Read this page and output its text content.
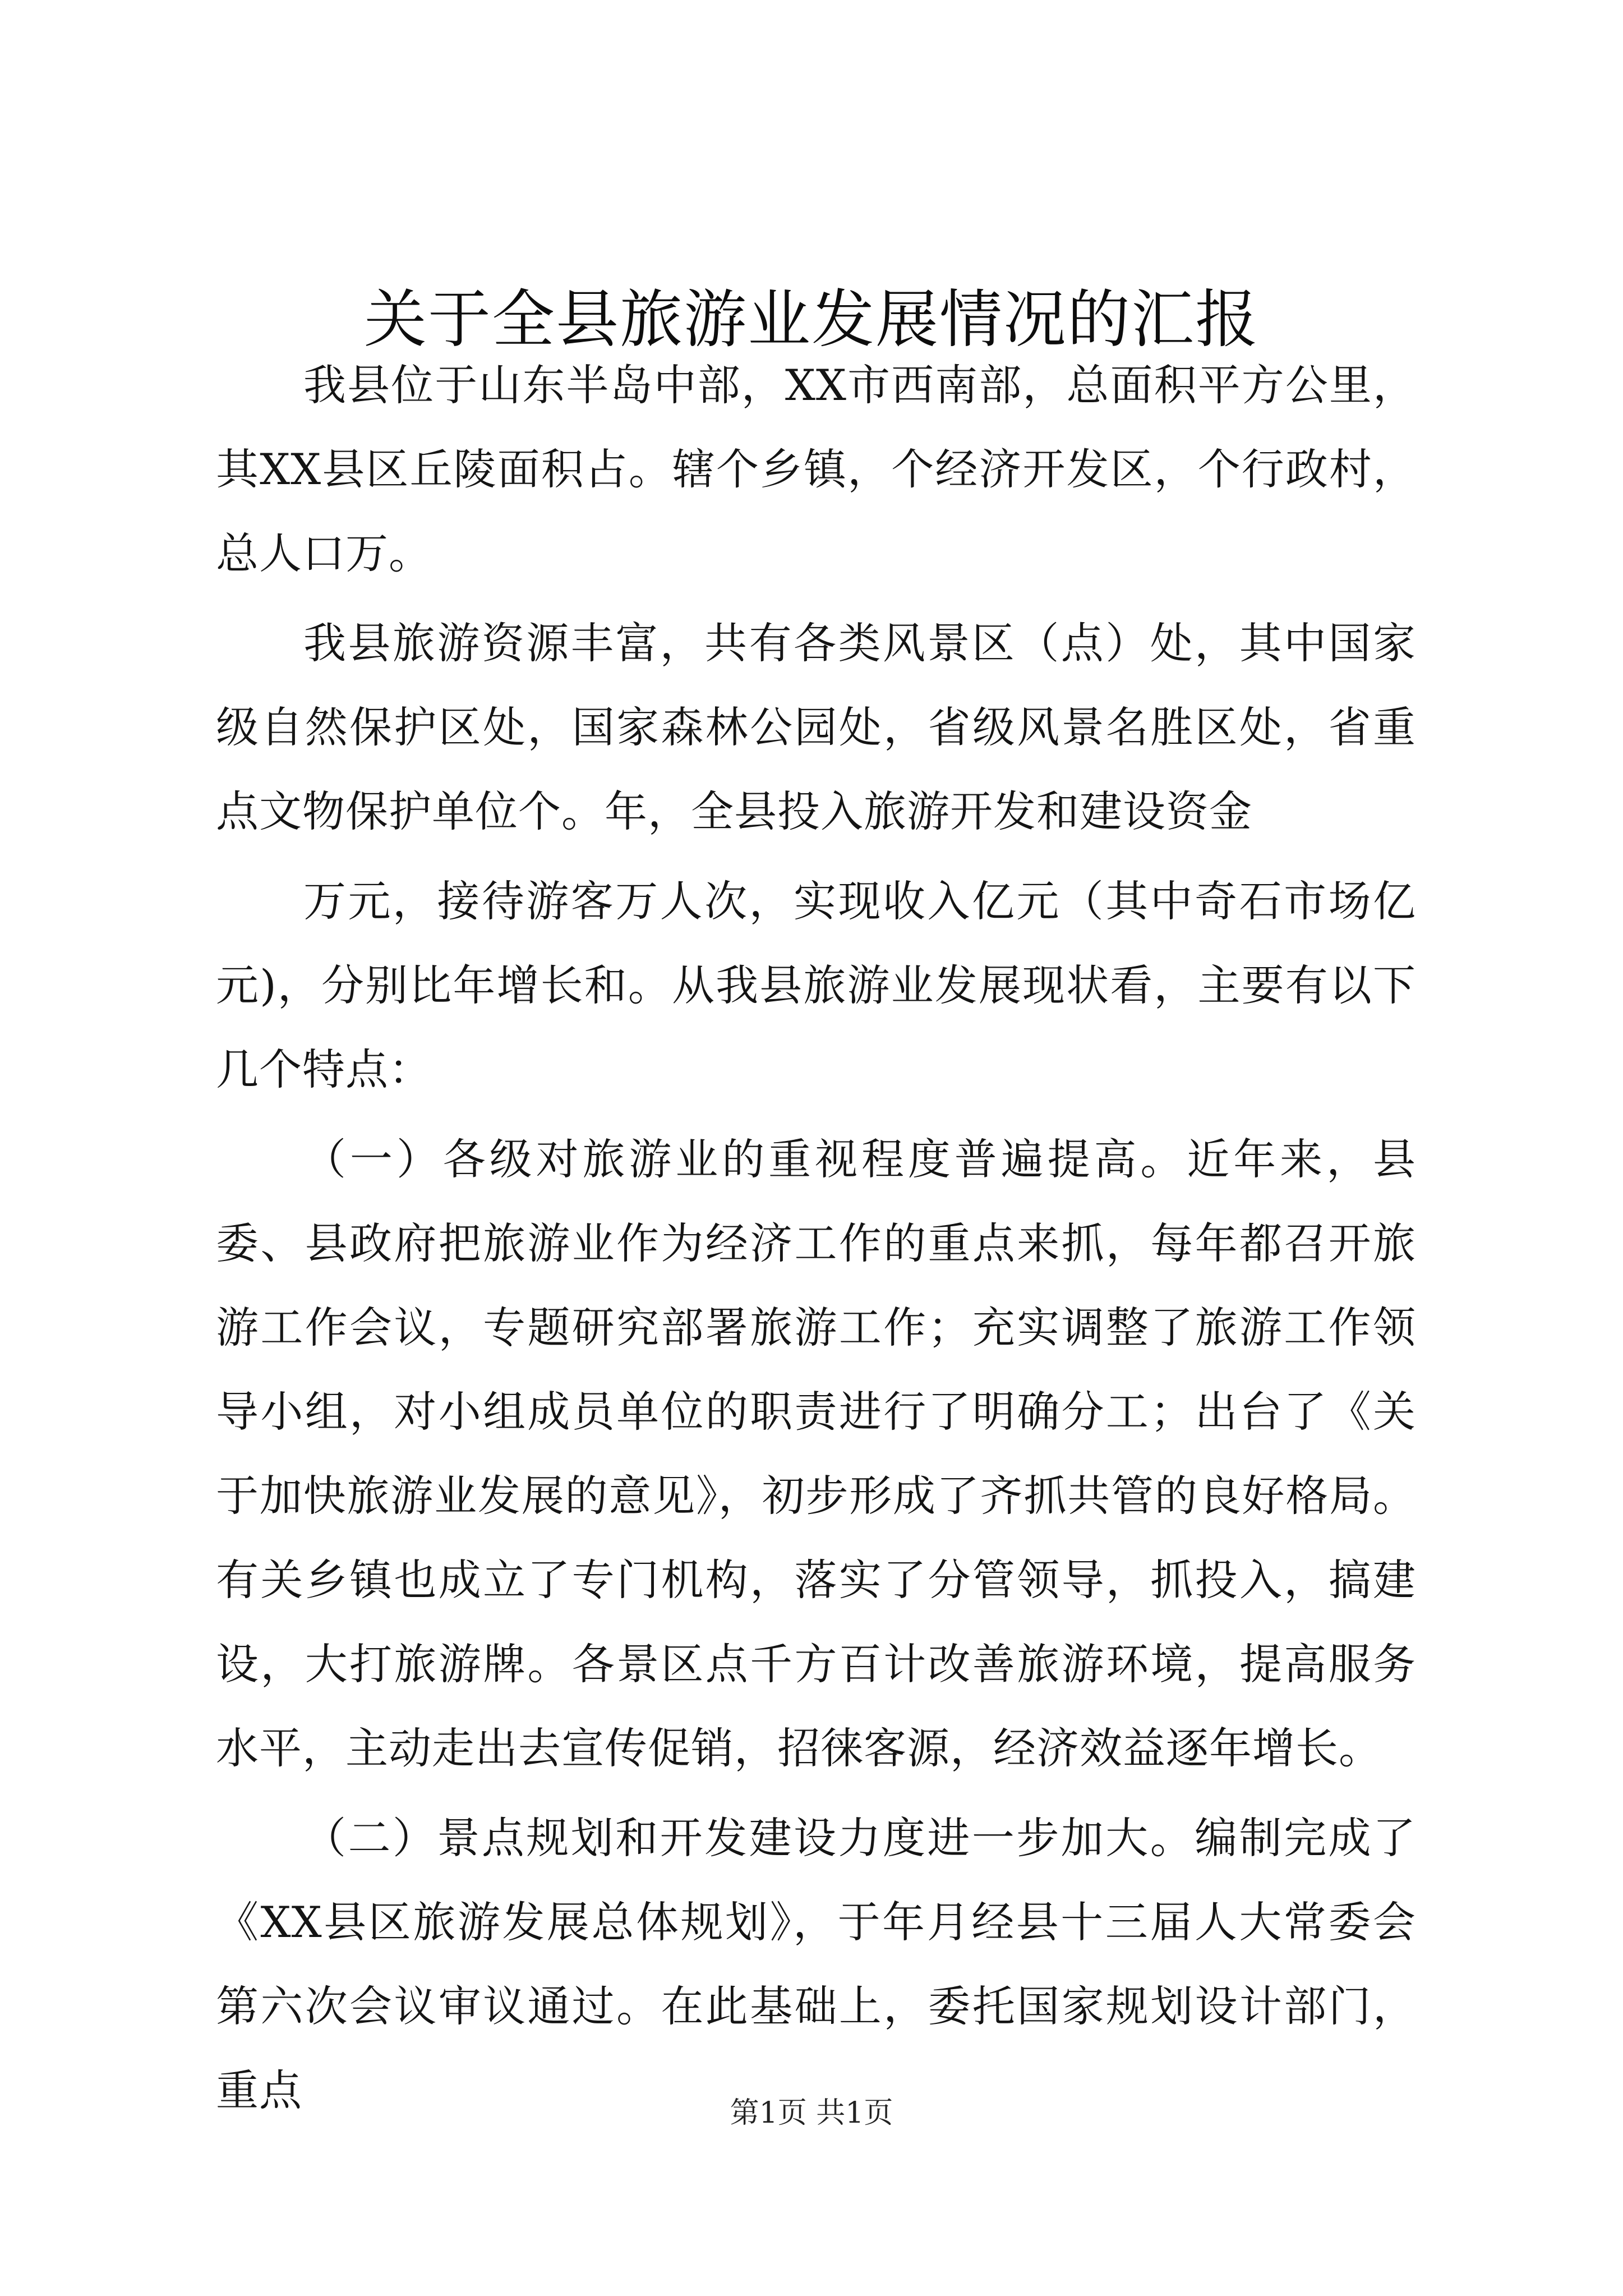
关于全县旅游业发展情况的汇报

我县位于山东半岛中部，XX市西南部，总面积平方公里，其XX县区丘陵面积占。辖个乡镇，个经济开发区，个行政村，总人口万。

我县旅游资源丰富，共有各类风景区（点）处，其中国家级自然保护区处，国家森林公园处，省级风景名胜区处，省重点文物保护单位个。年，全县投入旅游开发和建设资金

万元，接待游客万人次，实现收入亿元（其中奇石市场亿元)，分别比年增长和。从我县旅游业发展现状看，主要有以下几个特点：

（一）各级对旅游业的重视程度普遍提高。近年来，县委、县政府把旅游业作为经济工作的重点来抓，每年都召开旅游工作会议，专题研究部署旅游工作；充实调整了旅游工作领导小组，对小组成员单位的职责进行了明确分工；出台了《关于加快旅游业发展的意见》，初步形成了齐抓共管的良好格局。有关乡镇也成立了专门机构，落实了分管领导，抓投入，搞建设，大打旅游牌。各景区点千方百计改善旅游环境，提高服务水平，主动走出去宣传促销，招徕客源，经济效益逐年增长。

（二）景点规划和开发建设力度进一步加大。编制完成了《XX县区旅游发展总体规划》，于年月经县十三届人大常委会第六次会议审议通过。在此基础上，委托国家规划设计部门，重点	第1页 共1页
